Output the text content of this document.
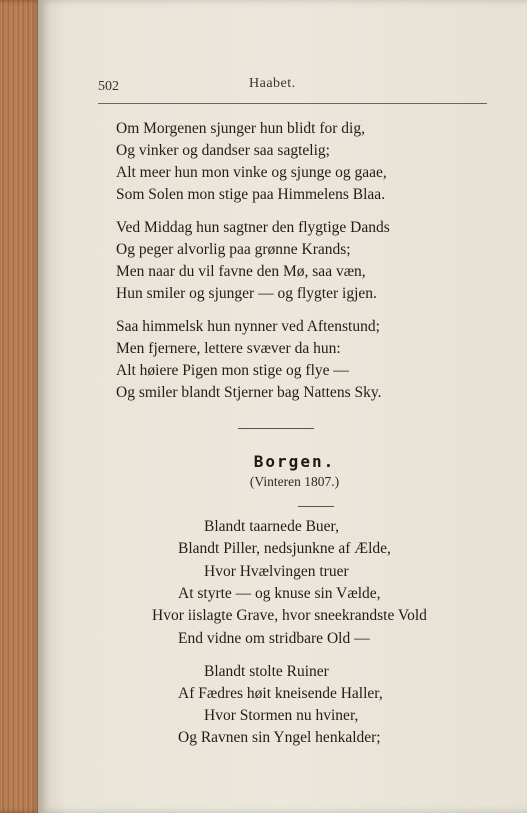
502	Haabet.
Om Morgenen sjunger hun blidt for dig,
Og vinker og dandser saa sagtelig;
Alt meer hun mon vinke og sjunge og gaae,
Som Solen mon stige paa Himmelens Blaa.
Ved Middag hun sagtner den flygtige Dands
Og peger alvorlig paa grønne Krands;
Men naar du vil favne den Mø, saa væn,
Hun smiler og sjunger — og flygter igjen.
Saa himmelsk hun nynner ved Aftenstund;
Men fjernere, lettere svæver da hun:
Alt høiere Pigen mon stige og flye —
Og smiler blandt Stjerner bag Nattens Sky.
Borgen.
(Vinteren 1807.)
Blandt taarnede Buer,
Blandt Piller, nedsjunkne af Ælde,
Hvor Hvælvingen truer
At styrte — og knuse sin Vælde,
Hvor iislagte Grave, hvor sneekrandste Vold
End vidne om stridbare Old —
Blandt stolte Ruiner
Af Fædres høit kneisende Haller,
Hvor Stormen nu hviner,
Og Ravnen sin Yngel henkalder;
